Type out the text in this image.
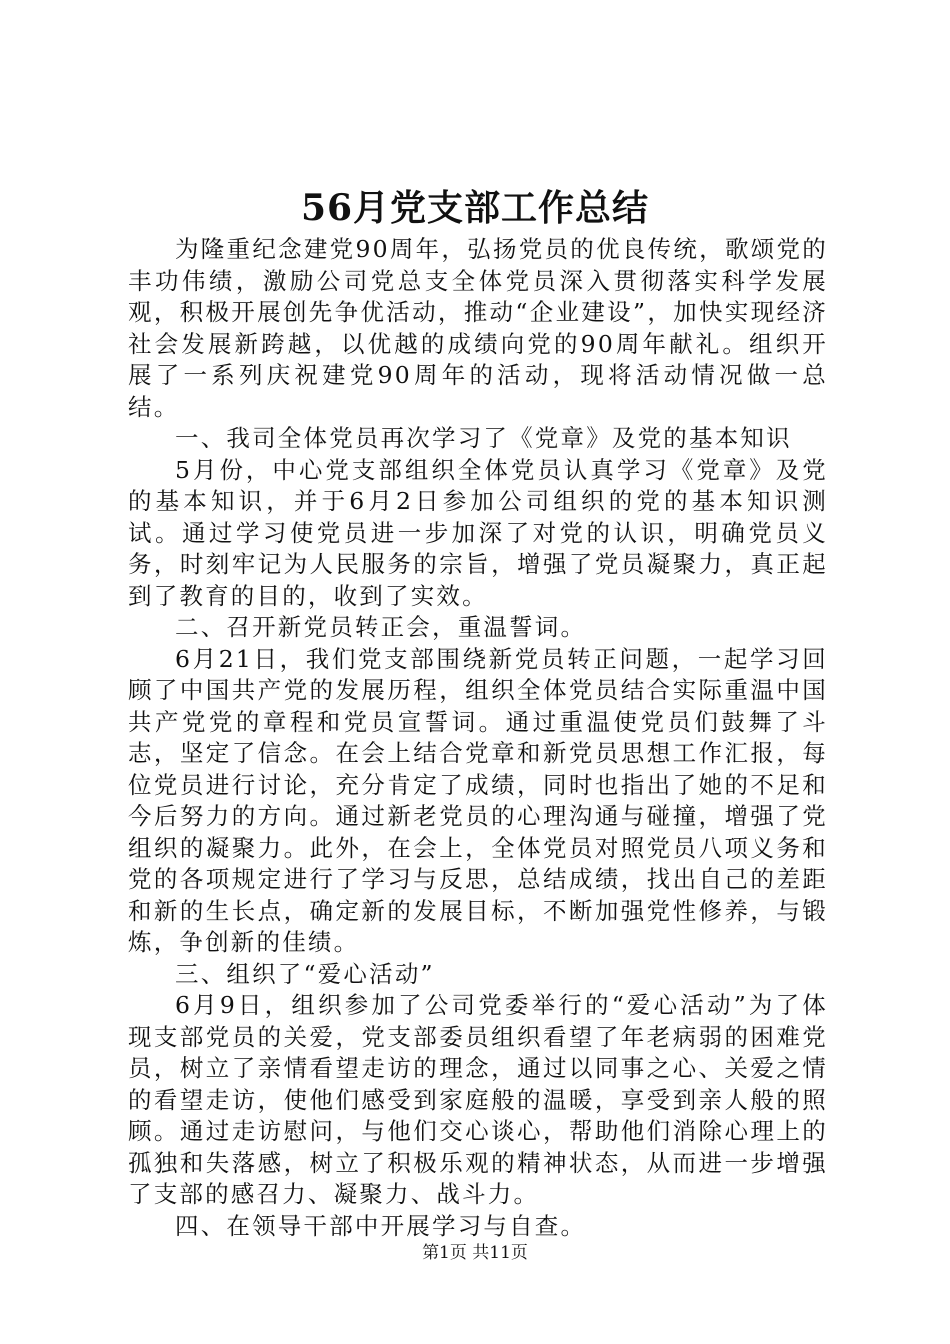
56月党支部工作总结

为隆重纪念建党90周年，弘扬党员的优良传统，歌颂党的丰功伟绩，激励公司党总支全体党员深入贯彻落实科学发展观，积极开展创先争优活动，推动“企业建设”，加快实现经济社会发展新跨越，以优越的成绩向党的90周年献礼。组织开展了一系列庆祝建党90周年的活动，现将活动情况做一总结。

一、我司全体党员再次学习了《党章》及党的基本知识

5月份，中心党支部组织全体党员认真学习《党章》及党的基本知识，并于6月2日参加公司组织的党的基本知识测试。通过学习使党员进一步加深了对党的认识，明确党员义务，时刻牢记为人民服务的宗旨，增强了党员凝聚力，真正起到了教育的目的，收到了实效。

二、召开新党员转正会，重温誓词。

6月21日，我们党支部围绕新党员转正问题，一起学习回顾了中国共产党的发展历程，组织全体党员结合实际重温中国共产党党的章程和党员宣誓词。通过重温使党员们鼓舞了斗志，坚定了信念。在会上结合党章和新党员思想工作汇报，每位党员进行讨论，充分肯定了成绩，同时也指出了她的不足和今后努力的方向。通过新老党员的心理沟通与碰撞，增强了党组织的凝聚力。此外，在会上，全体党员对照党员八项义务和党的各项规定进行了学习与反思，总结成绩，找出自己的差距和新的生长点，确定新的发展目标，不断加强党性修养，与锻炼，争创新的佳绩。

三、组织了“爱心活动”

6月9日，组织参加了公司党委举行的“爱心活动”为了体现支部党员的关爱，党支部委员组织看望了年老病弱的困难党员，树立了亲情看望走访的理念，通过以同事之心、关爱之情的看望走访，使他们感受到家庭般的温暖，享受到亲人般的照顾。通过走访慰问，与他们交心谈心，帮助他们消除心理上的孤独和失落感，树立了积极乐观的精神状态，从而进一步增强了支部的感召力、凝聚力、战斗力。

四、在领导干部中开展学习与自查。

第1页 共11页
